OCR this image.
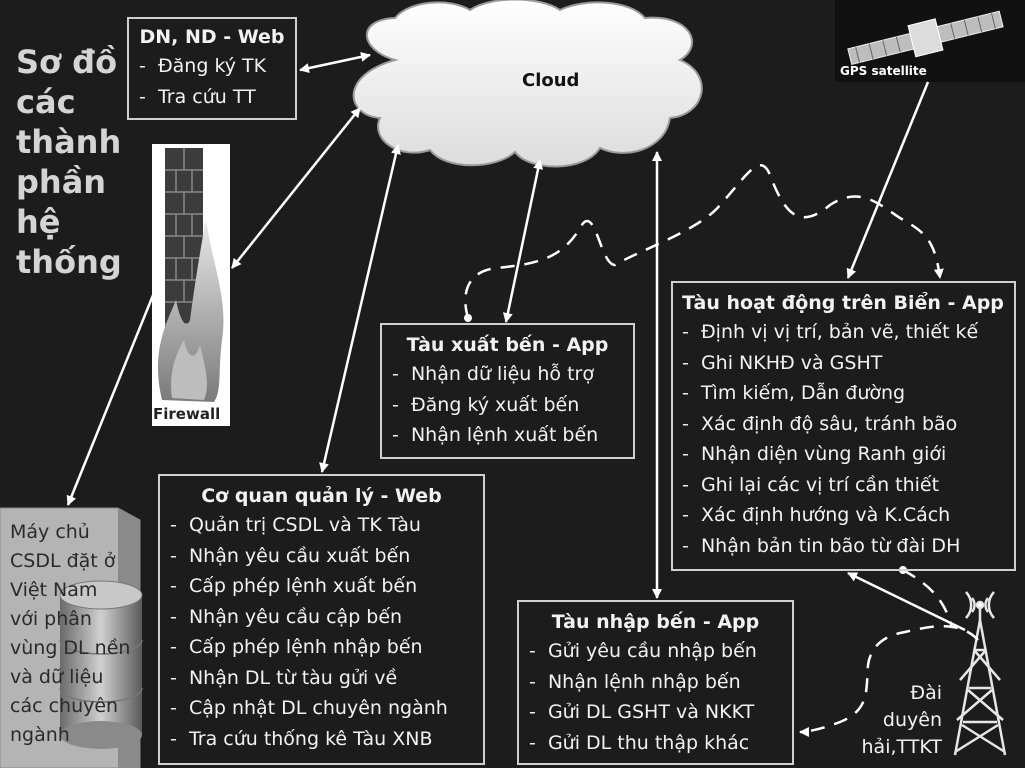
Sơ đồ
các
thành
phần
hệ
thống
Cloud	GPS satellite
Firewall
Máy chủ
CSDL đặt ở
Việt Nam
với phân
vùng DL nền
và dữ liệu
các chuyên
ngành
Đài
duyên
hải,TTKT
DN, ND - Web
- Đăng ký TK
- Tra cứu TT
Tàu xuất bến - App
- Nhận dữ liệu hỗ trợ
- Đăng ký xuất bến
- Nhận lệnh xuất bến
Cơ quan quản lý - Web
- Quản trị CSDL và TK Tàu
- Nhận yêu cầu xuất bến
- Cấp phép lệnh xuất bến
- Nhận yêu cầu cập bến
- Cấp phép lệnh nhập bến
- Nhận DL từ tàu gửi về
- Cập nhật DL chuyên ngành
- Tra cứu thống kê Tàu XNB
Tàu hoạt động trên Biển - App
- Định vị vị trí, bản vẽ, thiết kế
- Ghi NKHĐ và GSHT
- Tìm kiếm, Dẫn đường
- Xác định độ sâu, tránh bão
- Nhận diện vùng Ranh giới
- Ghi lại các vị trí cần thiết
- Xác định hướng và K.Cách
- Nhận bản tin bão từ đài DH
Tàu nhập bến - App
- Gửi yêu cầu nhập bến
- Nhận lệnh nhập bến
- Gửi DL GSHT và NKKT
- Gửi DL thu thập khác
